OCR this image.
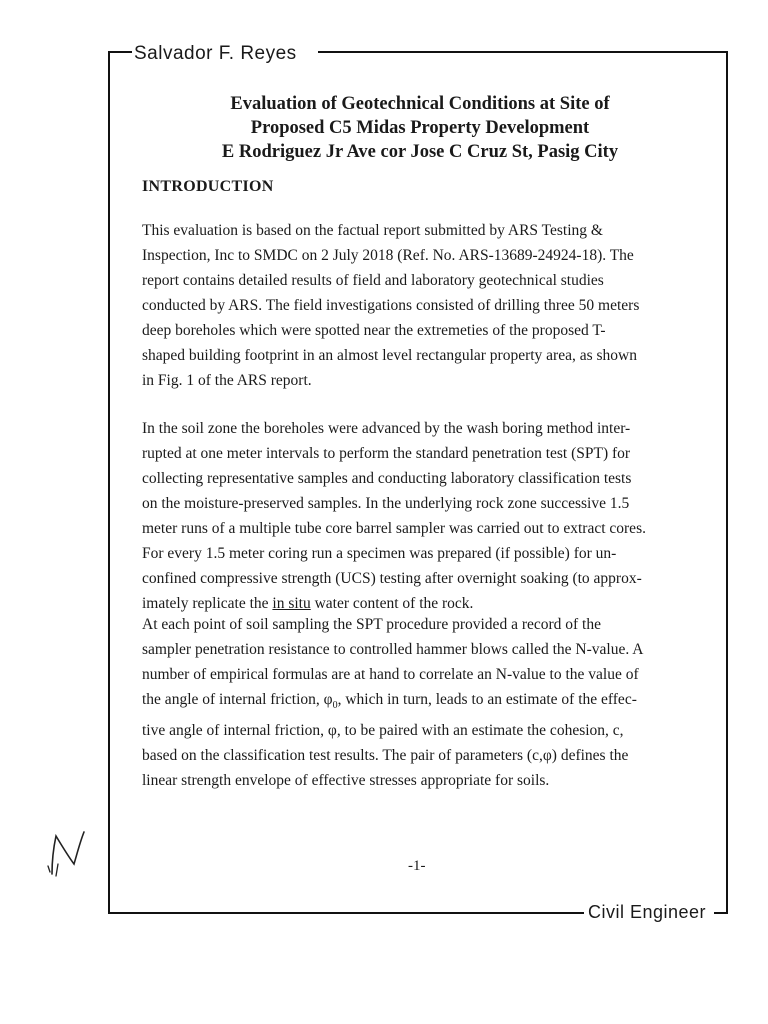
Salvador F. Reyes
Civil Engineer
Evaluation of Geotechnical Conditions at Site of
Proposed C5 Midas Property Development
E Rodriguez Jr Ave cor Jose C Cruz St, Pasig City
INTRODUCTION
This evaluation is based on the factual report submitted by ARS Testing &
Inspection, Inc to SMDC on 2 July 2018 (Ref. No. ARS-13689-24924-18). The
report contains detailed results of field and laboratory geotechnical studies
conducted by ARS. The field investigations consisted of drilling three 50 meters
deep boreholes which were spotted near the extremeties of the proposed T-
shaped building footprint in an almost level rectangular property area, as shown
in Fig. 1 of the ARS report.
In the soil zone the boreholes were advanced by the wash boring method inter-
rupted at one meter intervals to perform the standard penetration test (SPT) for
collecting representative samples and conducting laboratory classification tests
on the moisture-preserved samples. In the underlying rock zone successive 1.5
meter runs of a multiple tube core barrel sampler was carried out to extract cores.
For every 1.5 meter coring run a specimen was prepared (if possible) for un-
confined compressive strength (UCS) testing after overnight soaking (to approx-
imately replicate the in situ water content of the rock.
At each point of soil sampling the SPT procedure provided a record of the
sampler penetration resistance to controlled hammer blows called the N-value. A
number of empirical formulas are at hand to correlate an N-value to the value of
the angle of internal friction, $\varphi_0$, which in turn, leads to an estimate of the effec-
tive angle of internal friction, φ, to be paired with an estimate the cohesion, c,
based on the classification test results. The pair of parameters (c,φ) defines the
linear strength envelope of effective stresses appropriate for soils.
-1-
